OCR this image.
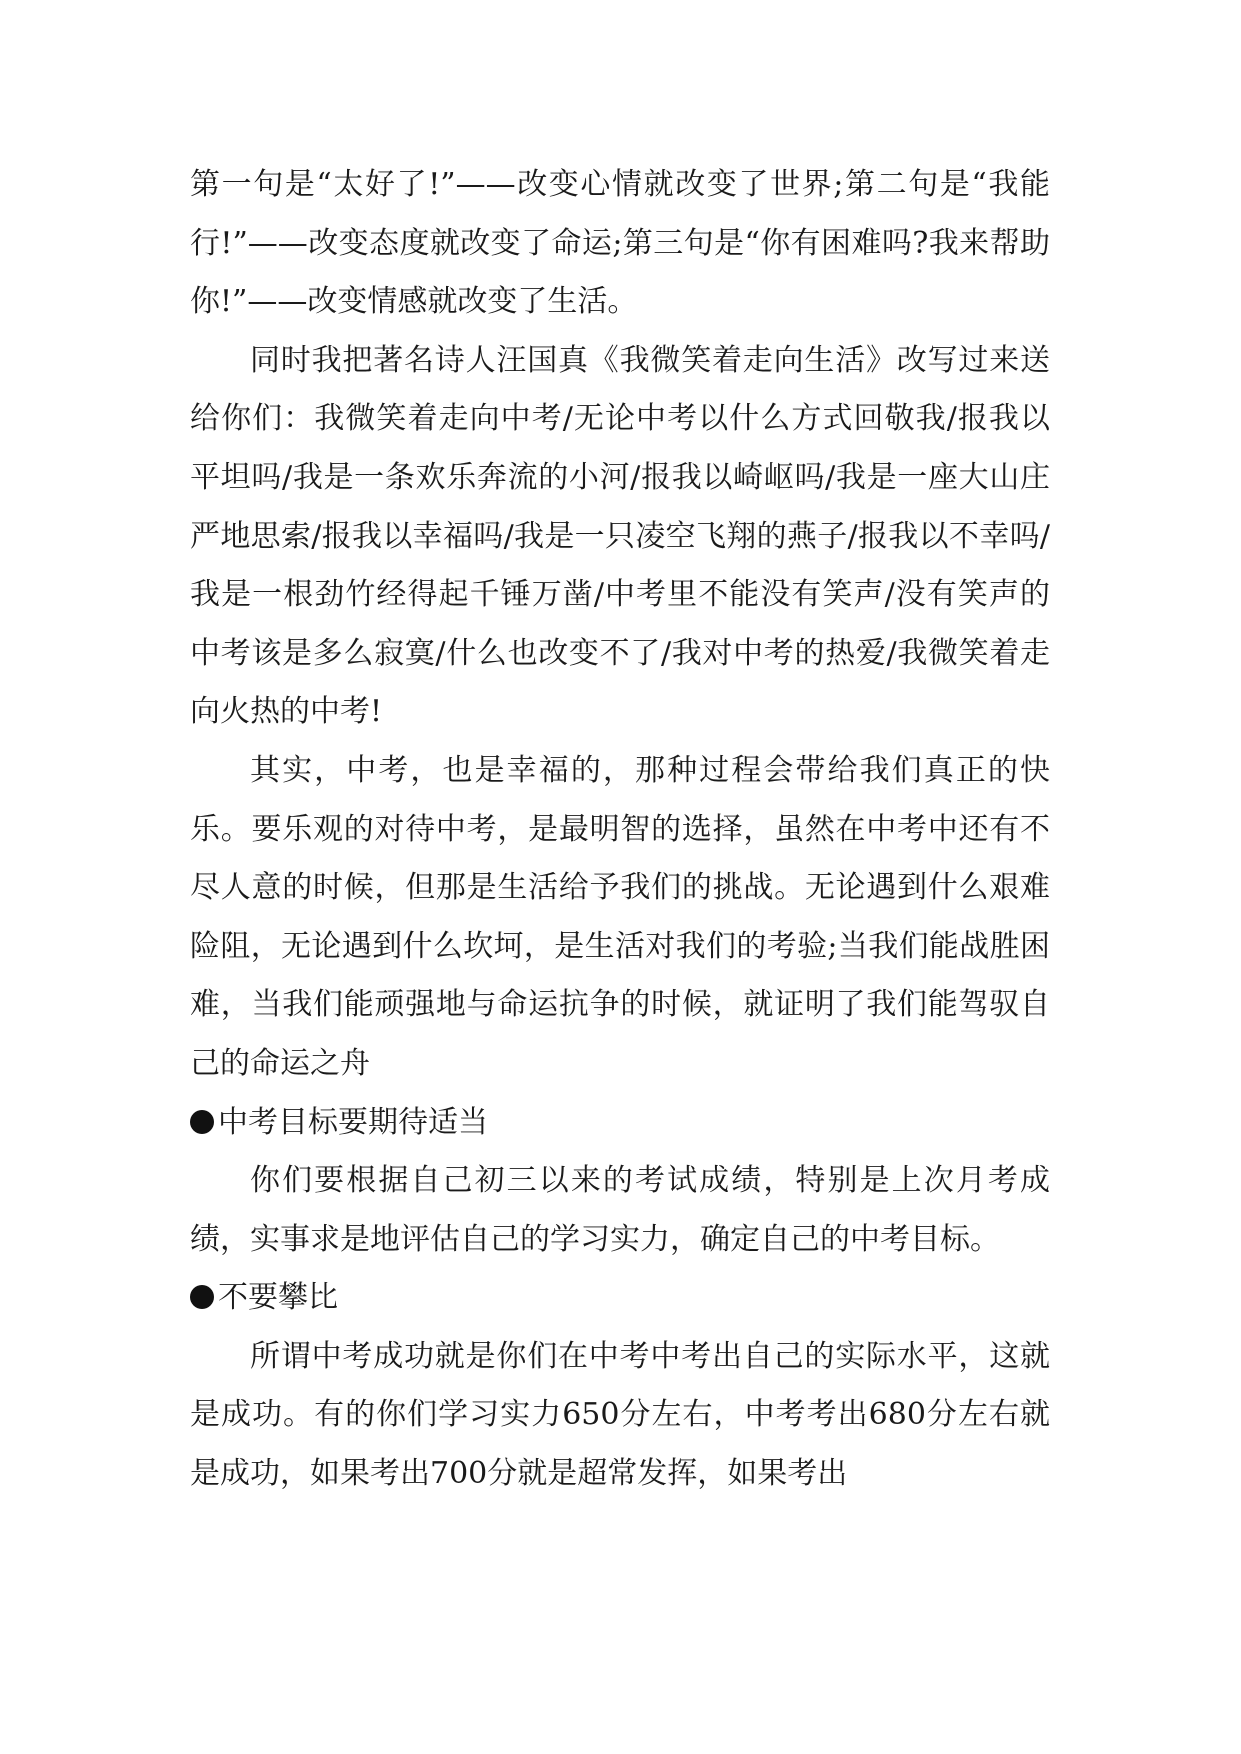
第一句是“太好了!”——改变心情就改变了世界;第二句是“我能行!”——改变态度就改变了命运;第三句是“你有困难吗?我来帮助你!”——改变情感就改变了生活。

同时我把著名诗人汪国真《我微笑着走向生活》改写过来送给你们：我微笑着走向中考/无论中考以什么方式回敬我/报我以平坦吗/我是一条欢乐奔流的小河/报我以崎岖吗/我是一座大山庄严地思索/报我以幸福吗/我是一只凌空飞翔的燕子/报我以不幸吗/我是一根劲竹经得起千锤万凿/中考里不能没有笑声/没有笑声的中考该是多么寂寞/什么也改变不了/我对中考的热爱/我微笑着走向火热的中考!

其实，中考，也是幸福的，那种过程会带给我们真正的快乐。要乐观的对待中考，是最明智的选择，虽然在中考中还有不尽人意的时候，但那是生活给予我们的挑战。无论遇到什么艰难险阻，无论遇到什么坎坷，是生活对我们的考验;当我们能战胜困难，当我们能顽强地与命运抗争的时候，就证明了我们能驾驭自己的命运之舟

中考目标要期待适当

你们要根据自己初三以来的考试成绩，特别是上次月考成绩，实事求是地评估自己的学习实力，确定自己的中考目标。

不要攀比

所谓中考成功就是你们在中考中考出自己的实际水平，这就是成功。有的你们学习实力650分左右，中考考出680分左右就是成功，如果考出700分就是超常发挥，如果考出
